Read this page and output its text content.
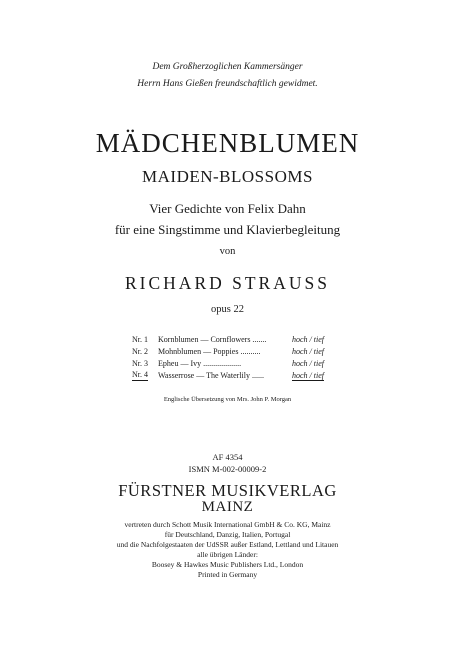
Dem Großherzoglichen Kammersänger
Herrn Hans Gießen freundschaftlich gewidmet.
MÄDCHENBLUMEN
MAIDEN-BLOSSOMS
Vier Gedichte von Felix Dahn
für eine Singstimme und Klavierbegleitung
von
RICHARD STRAUSS
opus 22
Nr. 1 Kornblumen — Cornflowers .......	hoch / tief
Nr. 2 Mohnblumen — Poppies ..........	hoch / tief
Nr. 3 Epheu — Ivy ...................	hoch / tief
Nr. 4 Wasserrose — The Waterlily ......	hoch / tief
Englische Übersetzung von Mrs. John P. Morgan
AF 4354
ISMN M-002-00009-2
FÜRSTNER MUSIKVERLAG
MAINZ
vertreten durch Schott Musik International GmbH & Co. KG, Mainz
für Deutschland, Danzig, Italien, Portugal
und die Nachfolgestaaten der UdSSR außer Estland, Lettland und Litauen
alle übrigen Länder:
Boosey & Hawkes Music Publishers Ltd., London
Printed in Germany
